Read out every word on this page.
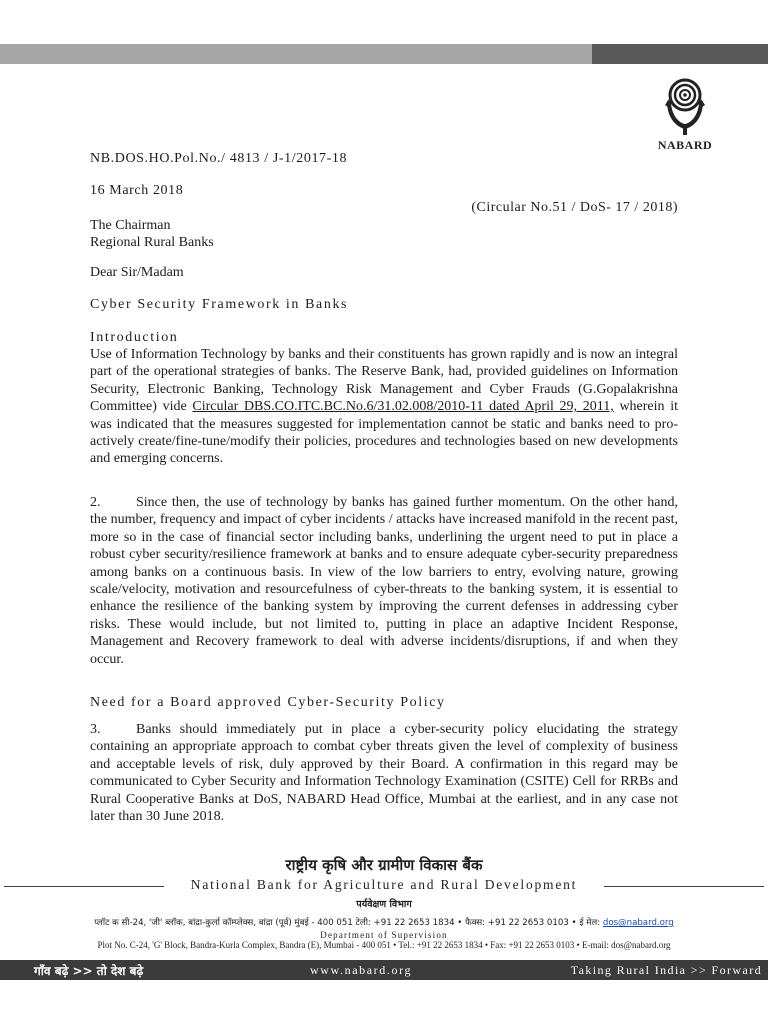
NABARD
NB.DOS.HO.Pol.No./ 4813 / J-1/2017-18
16 March 2018
(Circular No.51 / DoS- 17 / 2018)
The Chairman
Regional Rural Banks
Dear Sir/Madam
Cyber Security Framework in Banks
Introduction

Use of Information Technology by banks and their constituents has grown rapidly and is now an integral part of the operational strategies of banks. The Reserve Bank, had, provided guidelines on Information Security, Electronic Banking, Technology Risk Management and Cyber Frauds (G.Gopalakrishna Committee) vide Circular DBS.CO.ITC.BC.No.6/31.02.008/2010-11 dated April 29, 2011, wherein it was indicated that the measures suggested for implementation cannot be static and banks need to pro-actively create/fine-tune/modify their policies, procedures and technologies based on new developments and emerging concerns.

2.	Since then, the use of technology by banks has gained further momentum. On the other hand, the number, frequency and impact of cyber incidents / attacks have increased manifold in the recent past, more so in the case of financial sector including banks, underlining the urgent need to put in place a robust cyber security/resilience framework at banks and to ensure adequate cyber-security preparedness among banks on a continuous basis. In view of the low barriers to entry, evolving nature, growing scale/velocity, motivation and resourcefulness of cyber-threats to the banking system, it is essential to enhance the resilience of the banking system by improving the current defenses in addressing cyber risks. These would include, but not limited to, putting in place an adaptive Incident Response, Management and Recovery framework to deal with adverse incidents/disruptions, if and when they occur.

Need for a Board approved Cyber-Security Policy

3.	Banks should immediately put in place a cyber-security policy elucidating the strategy containing an appropriate approach to combat cyber threats given the level of complexity of business and acceptable levels of risk, duly approved by their Board. A confirmation in this regard may be communicated to Cyber Security and Information Technology Examination (CSITE) Cell for RRBs and Rural Cooperative Banks at DoS, NABARD Head Office, Mumbai at the earliest, and in any case not later than 30 June 2018.

राष्ट्रीय कृषि और ग्रामीण विकास बैंक
National Bank for Agriculture and Rural Development
पर्यवेक्षण विभाग
प्लॉट क सी-24, 'जी' ब्लॉक, बांद्रा-कुर्ला कॉम्प्लेक्स, बांद्रा (पूर्व) मुंबई - 400 051 टेली: +91 22 2653 1834 • फैक्स: +91 22 2653 0103 • ई मेल: dos@nabard.org
Department of Supervision
Plot No. C-24, 'G' Block, Bandra-Kurla Complex, Bandra (E), Mumbai - 400 051 • Tel.: +91 22 2653 1834 • Fax: +91 22 2653 0103 • E-mail: dos@nabard.org
गाँव बढ़े >> तो देश बढ़े	www.nabard.org	Taking Rural India >> Forward
